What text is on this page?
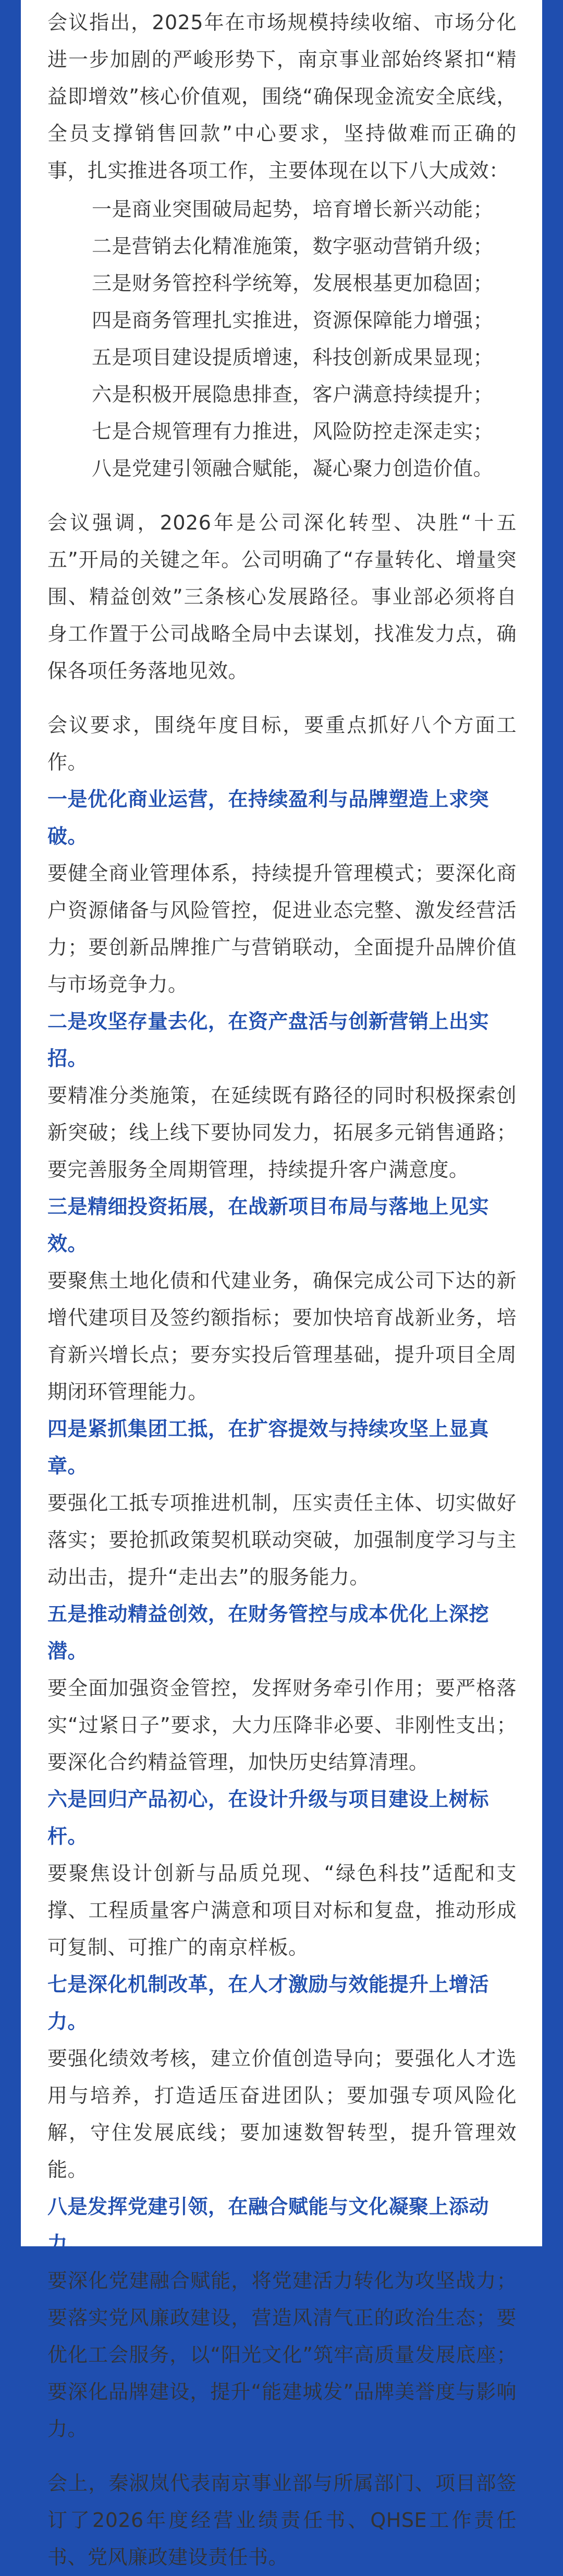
会议指出，2025年在市场规模持续收缩、市场分化进一步加剧的严峻形势下，南京事业部始终紧扣“精益即增效”核心价值观，围绕“确保现金流安全底线，全员支撑销售回款”中心要求，坚持做难而正确的事，扎实推进各项工作，主要体现在以下八大成效：
一是商业突围破局起势，培育增长新兴动能；
二是营销去化精准施策，数字驱动营销升级；
三是财务管控科学统筹，发展根基更加稳固；
四是商务管理扎实推进，资源保障能力增强；
五是项目建设提质增速，科技创新成果显现；
六是积极开展隐患排查，客户满意持续提升；
七是合规管理有力推进，风险防控走深走实；
八是党建引领融合赋能，凝心聚力创造价值。
会议强调，2026年是公司深化转型、决胜“十五五”开局的关键之年。公司明确了“存量转化、增量突围、精益创效”三条核心发展路径。事业部必须将自身工作置于公司战略全局中去谋划，找准发力点，确保各项任务落地见效。
会议要求，围绕年度目标，要重点抓好八个方面工作。
一是优化商业运营，在持续盈利与品牌塑造上求突破。
要健全商业管理体系，持续提升管理模式；要深化商户资源储备与风险管控，促进业态完整、激发经营活力；要创新品牌推广与营销联动，全面提升品牌价值与市场竞争力。
二是攻坚存量去化，在资产盘活与创新营销上出实招。
要精准分类施策，在延续既有路径的同时积极探索创新突破；线上线下要协同发力，拓展多元销售通路；要完善服务全周期管理，持续提升客户满意度。
三是精细投资拓展，在战新项目布局与落地上见实效。
要聚焦土地化债和代建业务，确保完成公司下达的新增代建项目及签约额指标；要加快培育战新业务，培育新兴增长点；要夯实投后管理基础，提升项目全周期闭环管理能力。
四是紧抓集团工抵，在扩容提效与持续攻坚上显真章。
要强化工抵专项推进机制，压实责任主体、切实做好落实；要抢抓政策契机联动突破，加强制度学习与主动出击，提升“走出去”的服务能力。
五是推动精益创效，在财务管控与成本优化上深挖潜。
要全面加强资金管控，发挥财务牵引作用；要严格落实“过紧日子”要求，大力压降非必要、非刚性支出；要深化合约精益管理，加快历史结算清理。
六是回归产品初心，在设计升级与项目建设上树标杆。
要聚焦设计创新与品质兑现、“绿色科技”适配和支撑、工程质量客户满意和项目对标和复盘，推动形成可复制、可推广的南京样板。
七是深化机制改革，在人才激励与效能提升上增活力。
要强化绩效考核，建立价值创造导向；要强化人才选用与培养，打造适压奋进团队；要加强专项风险化解，守住发展底线；要加速数智转型，提升管理效能。
八是发挥党建引领，在融合赋能与文化凝聚上添动力。
要深化党建融合赋能，将党建活力转化为攻坚战力；要落实党风廉政建设，营造风清气正的政治生态；要优化工会服务，以“阳光文化”筑牢高质量发展底座；要深化品牌建设，提升“能建城发”品牌美誉度与影响力。
会上，秦淑岚代表南京事业部与所属部门、项目部签订了2026年度经营业绩责任书、QHSE工作责任书、党风廉政建设责任书。
